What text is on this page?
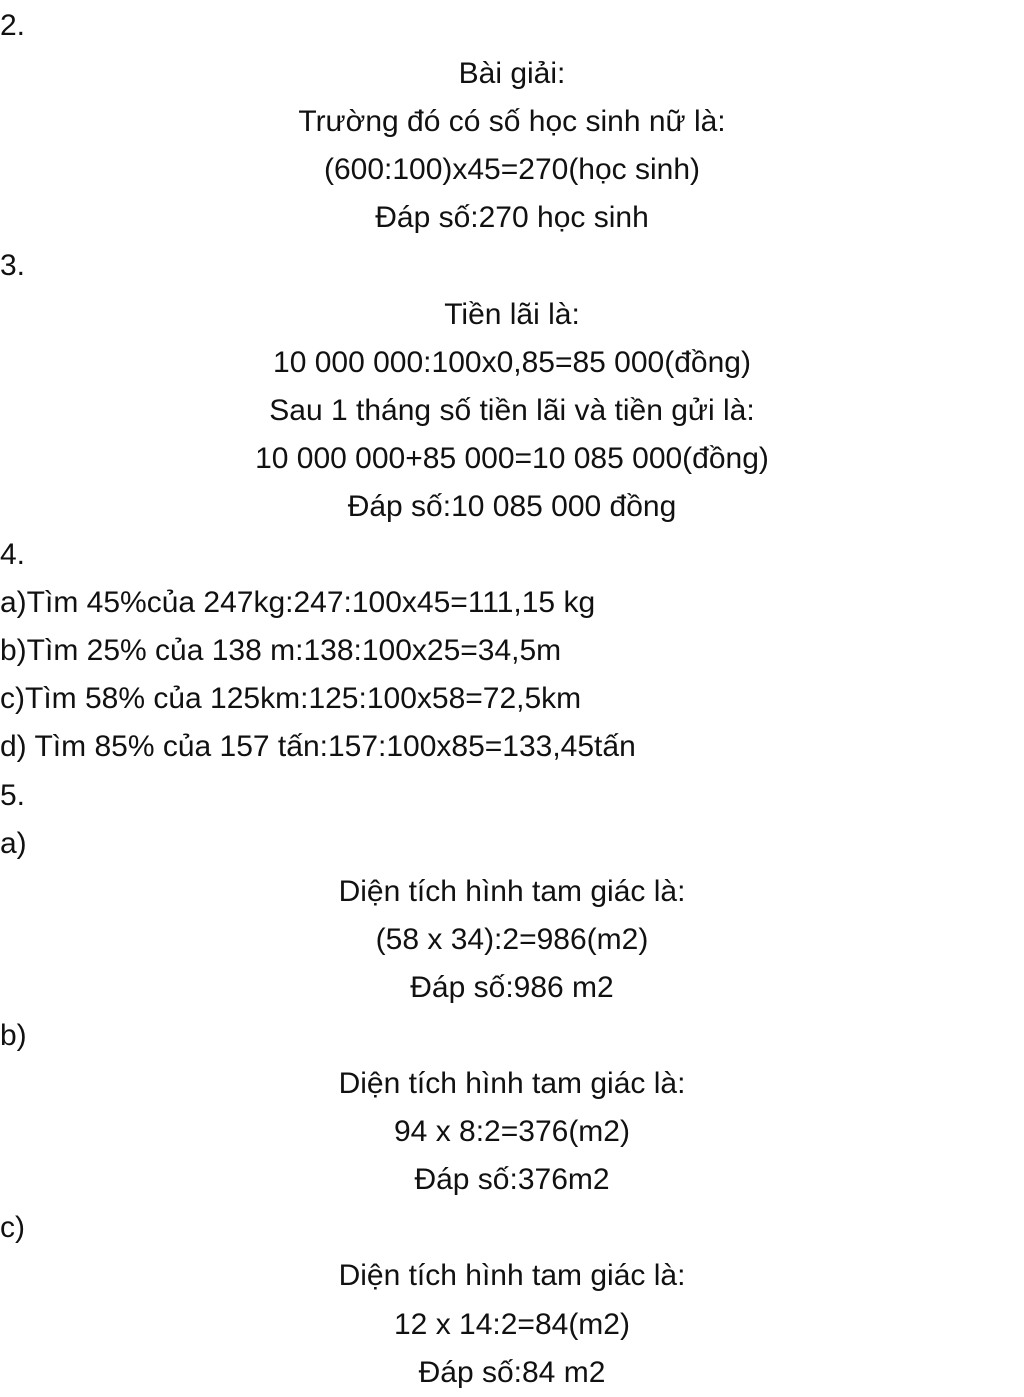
2.
Bài giải:
Trường đó có số học sinh nữ là:
(600:100)x45=270(học sinh)
Đáp số:270 học sinh
3.
Tiền lãi là:
10 000 000:100x0,85=85 000(đồng)
Sau 1 tháng số tiền lãi và tiền gửi là:
10 000 000+85 000=10 085 000(đồng)
Đáp số:10 085 000 đồng
4.
a)Tìm 45%của 247kg:247:100x45=111,15 kg
b)Tìm 25% của 138 m:138:100x25=34,5m
c)Tìm 58% của 125km:125:100x58=72,5km
d) Tìm 85% của 157 tấn:157:100x85=133,45tấn
5.
a)
Diện tích hình tam giác là:
(58 x 34):2=986(m2)
Đáp số:986 m2
b)
Diện tích hình tam giác là:
94 x 8:2=376(m2)
Đáp số:376m2
c)
Diện tích hình tam giác là:
12 x 14:2=84(m2)
Đáp số:84 m2
